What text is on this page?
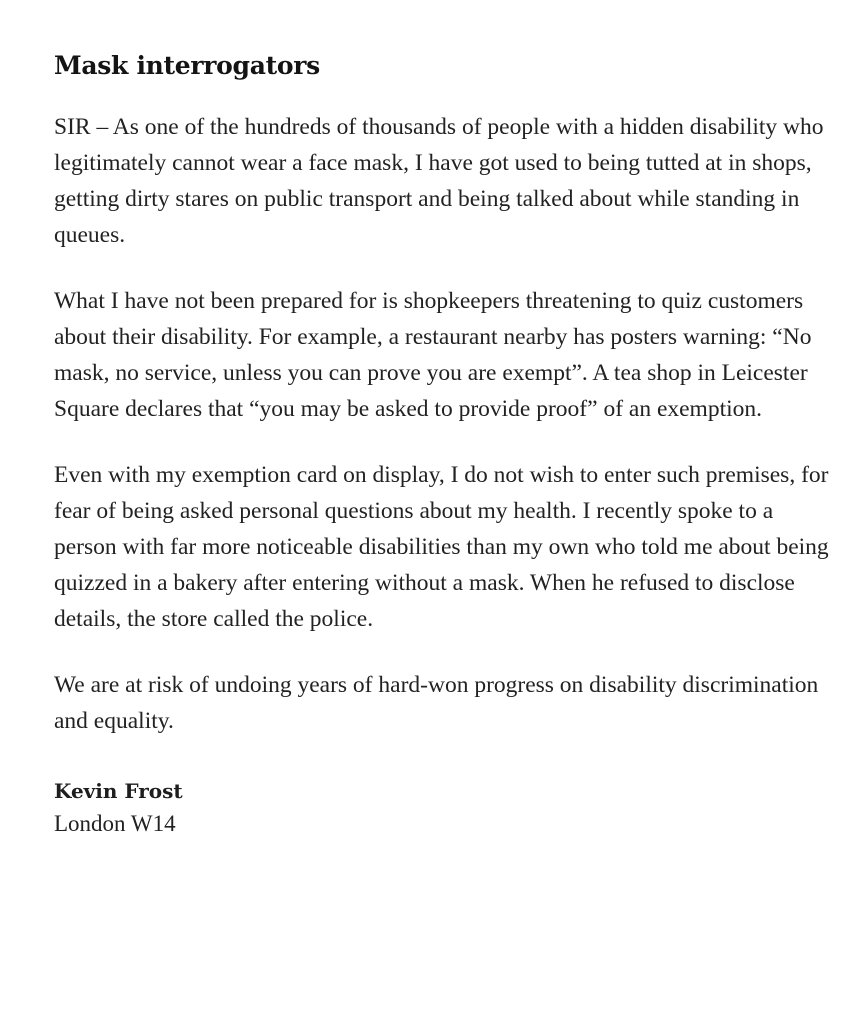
Mask interrogators

SIR – As one of the hundreds of thousands of people with a hidden disability who legitimately cannot wear a face mask, I have got used to being tutted at in shops, getting dirty stares on public transport and being talked about while standing in queues.

What I have not been prepared for is shopkeepers threatening to quiz customers about their disability. For example, a restaurant nearby has posters warning: “No mask, no service, unless you can prove you are exempt”. A tea shop in Leicester Square declares that “you may be asked to provide proof” of an exemption.

Even with my exemption card on display, I do not wish to enter such premises, for fear of being asked personal questions about my health. I recently spoke to a person with far more noticeable disabilities than my own who told me about being quizzed in a bakery after entering without a mask. When he refused to disclose details, the store called the police.

We are at risk of undoing years of hard-won progress on disability discrimination and equality.

Kevin Frost
London W14
